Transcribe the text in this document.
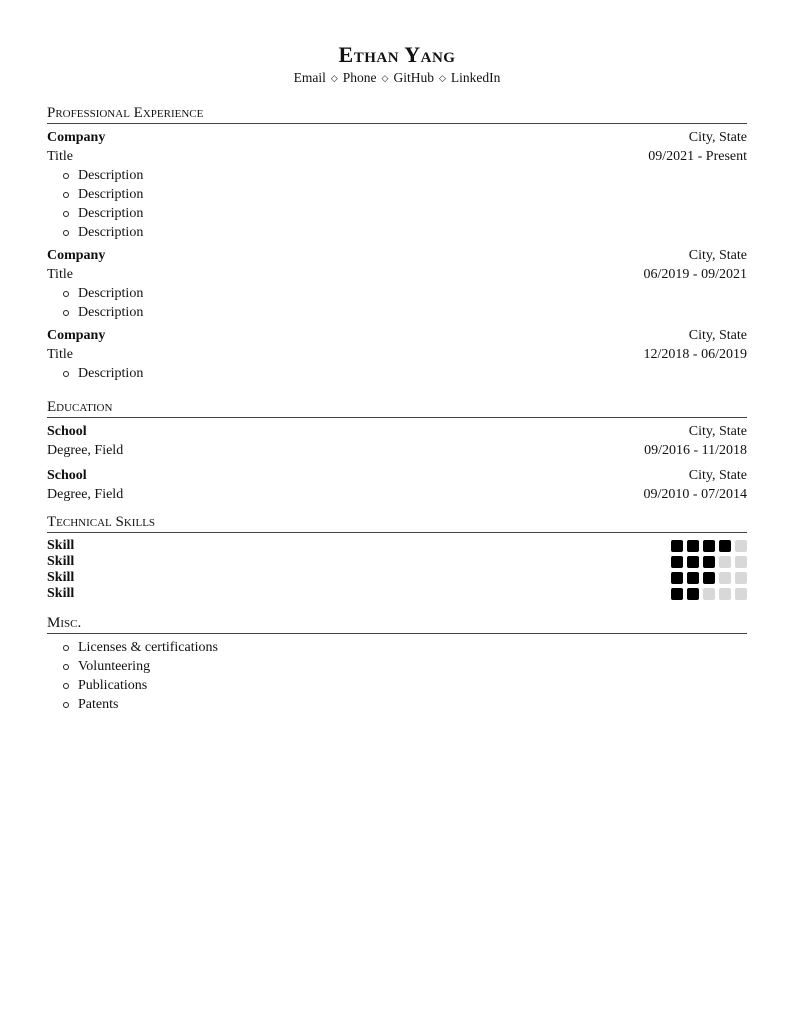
Ethan Yang
Email ◇ Phone ◇ GitHub ◇ LinkedIn
Professional Experience
Company	City, State
Title	09/2021 - Present
Description
Description
Description
Description
Company	City, State
Title	06/2019 - 09/2021
Description
Description
Company	City, State
Title	12/2018 - 06/2019
Description
Education
School	City, State
Degree, Field	09/2016 - 11/2018
School	City, State
Degree, Field	09/2010 - 07/2014
Technical Skills
Skill
Skill
Skill
Skill
Misc.
Licenses & certifications
Volunteering
Publications
Patents
